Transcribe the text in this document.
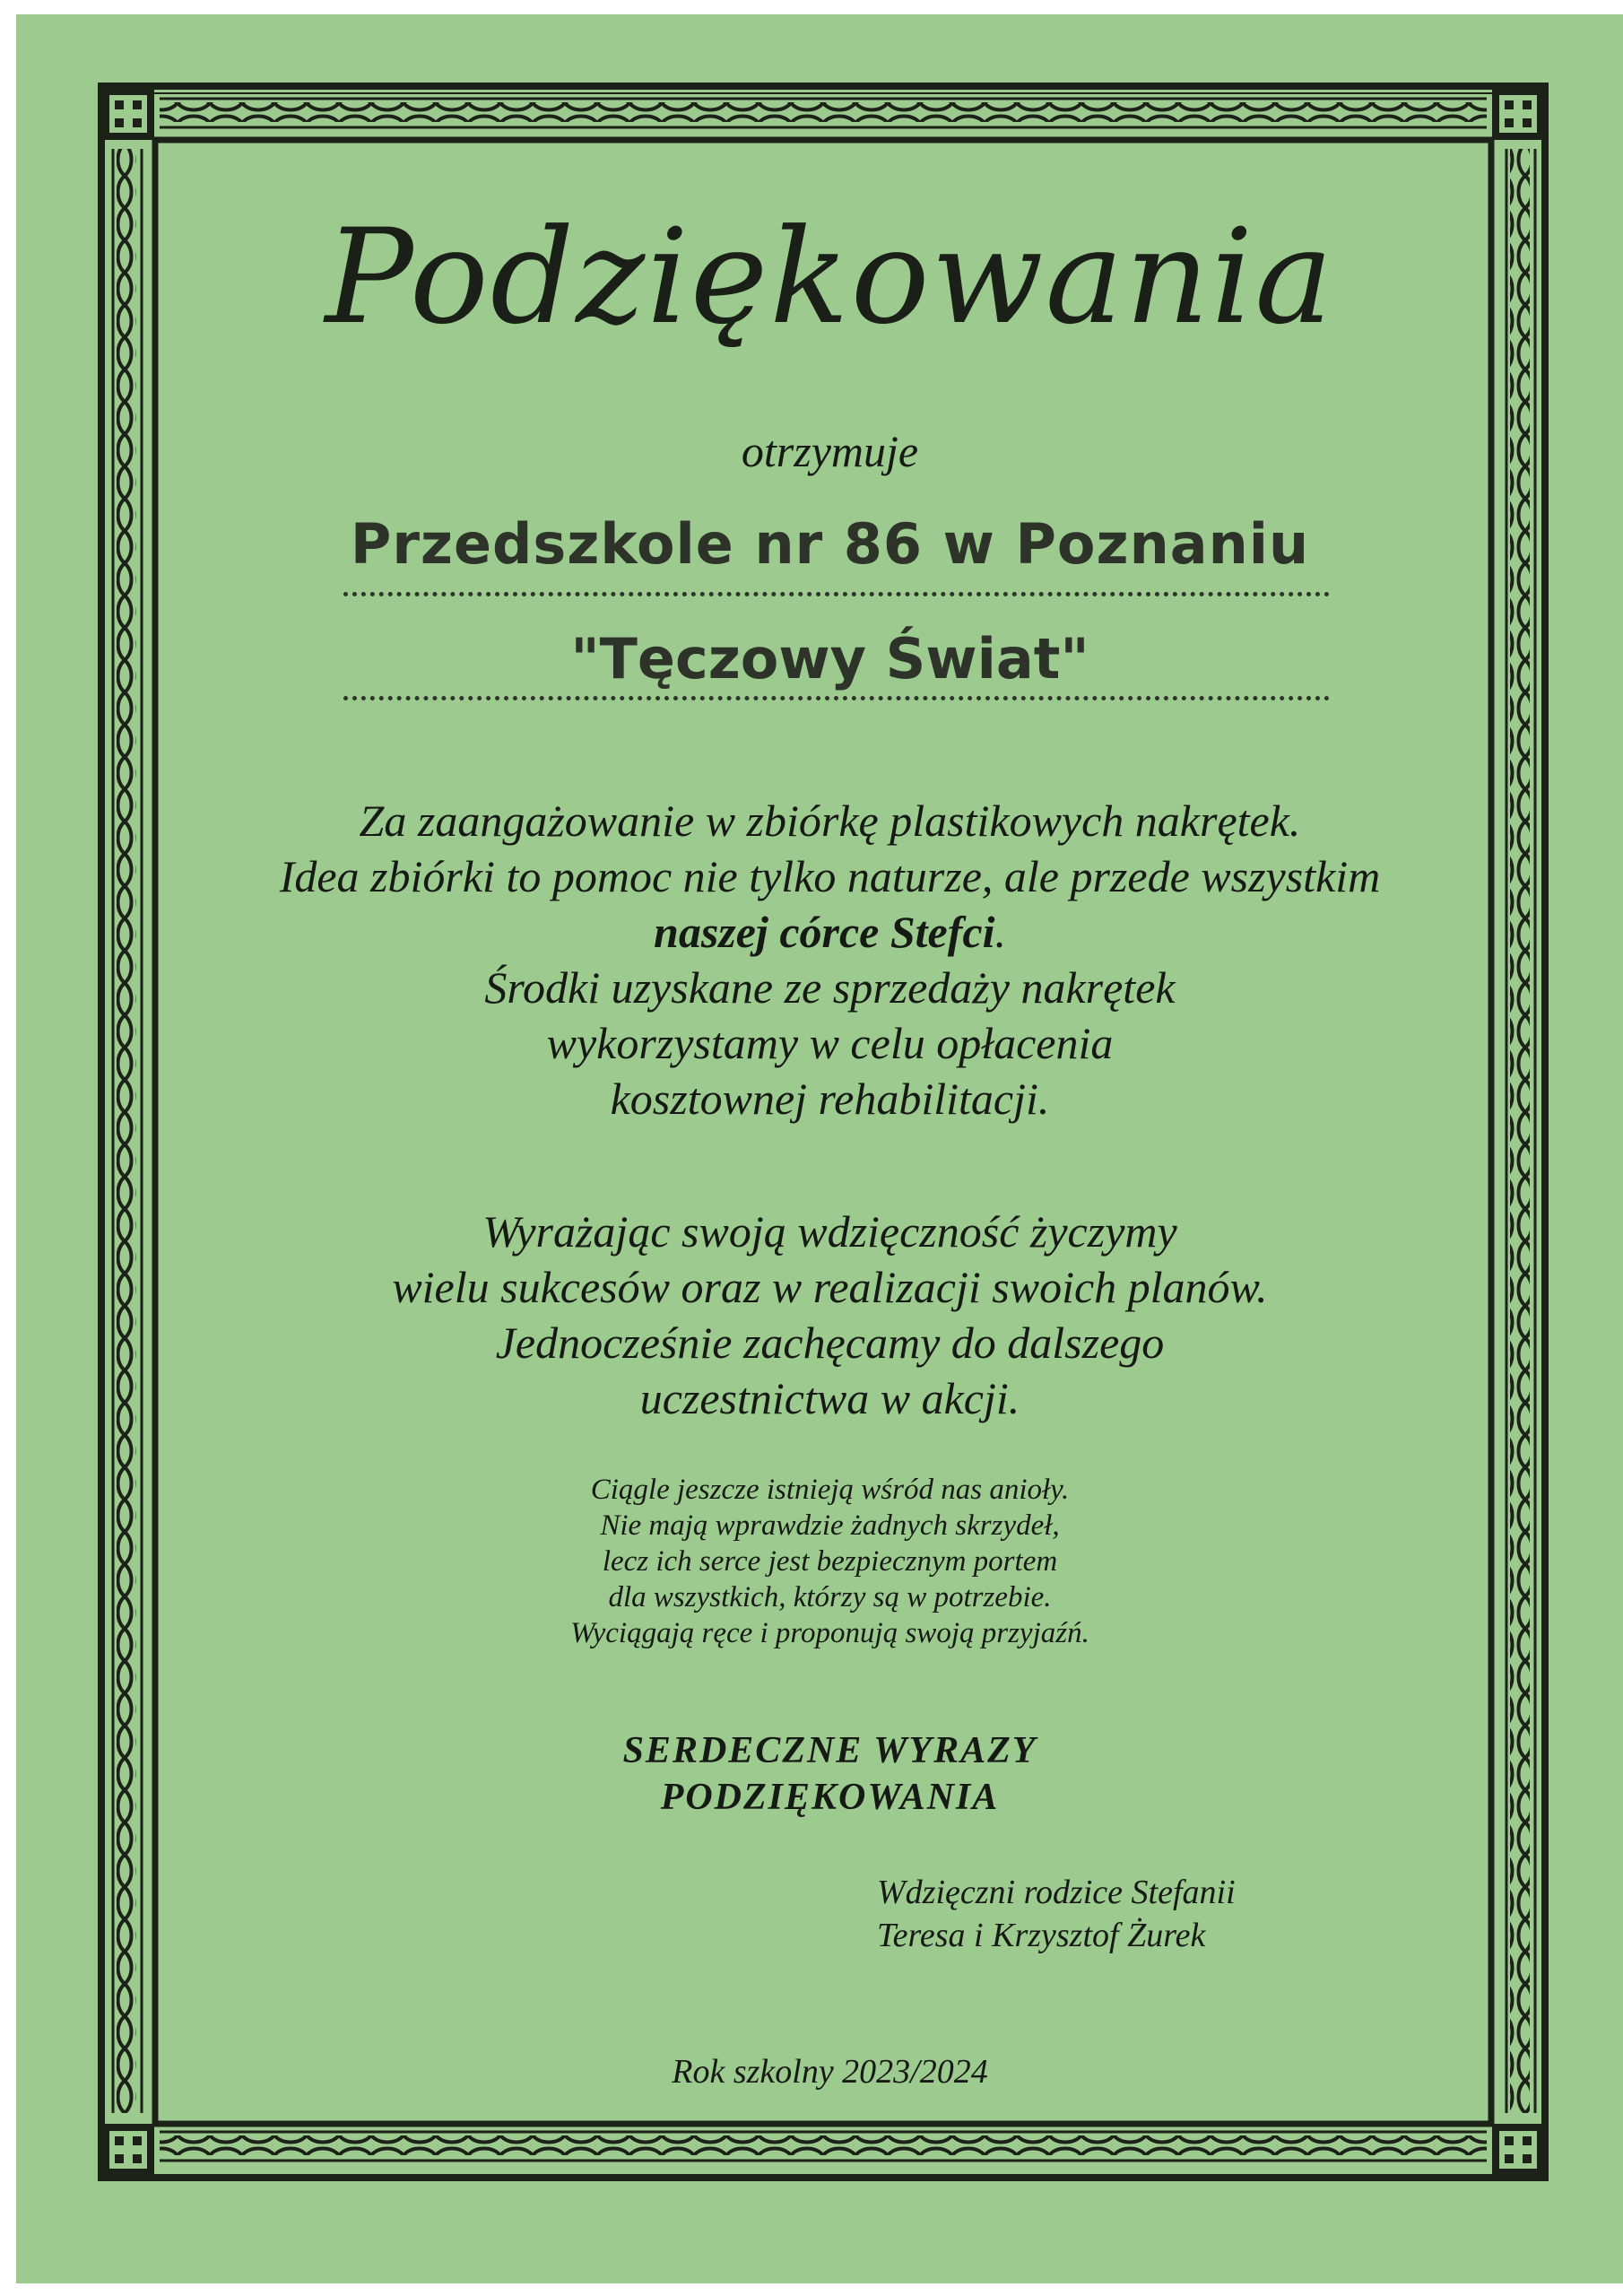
Podziękowania
otrzymuje
Przedszkole nr 86 w Poznaniu
"Tęczowy Świat"
Za zaangażowanie w zbiórkę plastikowych nakrętek.
Idea zbiórki to pomoc nie tylko naturze, ale przede wszystkim
naszej córce Stefci.
Środki uzyskane ze sprzedaży nakrętek
wykorzystamy w celu opłacenia
kosztownej rehabilitacji.
Wyrażając swoją wdzięczność życzymy
wielu sukcesów oraz w realizacji swoich planów.
Jednocześnie zachęcamy do dalszego
uczestnictwa w akcji.
Ciągle jeszcze istnieją wśród nas anioły.
Nie mają wprawdzie żadnych skrzydeł,
lecz ich serce jest bezpiecznym portem
dla wszystkich, którzy są w potrzebie.
Wyciągają ręce i proponują swoją przyjaźń.
SERDECZNE WYRAZY
PODZIĘKOWANIA
Wdzięczni rodzice Stefanii
Teresa i Krzysztof Żurek
Rok szkolny 2023/2024
